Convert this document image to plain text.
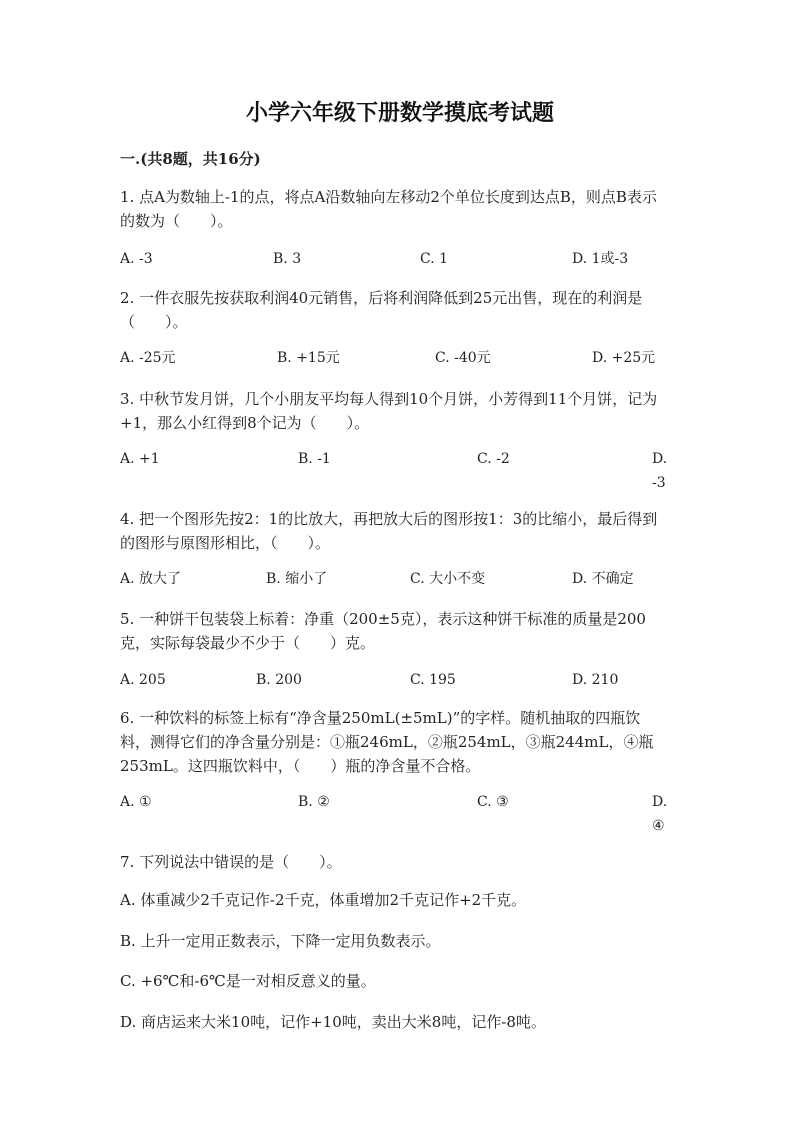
小学六年级下册数学摸底考试题
一.(共8题，共16分)
1. 点A为数轴上-1的点，将点A沿数轴向左移动2个单位长度到达点B，则点B表示的数为（　　）。
A. -3	B. 3	C. 1	D. 1或-3
2. 一件衣服先按获取利润40元销售，后将利润降低到25元出售，现在的利润是（　　）。
A. -25元	B. +15元	C. -40元	D. +25元
3. 中秋节发月饼，几个小朋友平均每人得到10个月饼，小芳得到11个月饼，记为+1，那么小红得到8个记为（　　）。
A. +1	B. -1	C. -2	D. -3
4. 把一个图形先按2：1的比放大，再把放大后的图形按1：3的比缩小，最后得到的图形与原图形相比，（　　）。
A. 放大了	B. 缩小了	C. 大小不变	D. 不确定
5. 一种饼干包装袋上标着：净重（200±5克），表示这种饼干标准的质量是200克，实际每袋最少不少于（　　）克。
A. 205	B. 200	C. 195	D. 210
6. 一种饮料的标签上标有“净含量250mL(±5mL)”的字样。随机抽取的四瓶饮料，测得它们的净含量分别是：①瓶246mL，②瓶254mL，③瓶244mL，④瓶253mL。这四瓶饮料中，（　　）瓶的净含量不合格。
A. ①	B. ②	C. ③	D. ④
7. 下列说法中错误的是（　　）。
A. 体重减少2千克记作-2千克，体重增加2千克记作+2千克。
B. 上升一定用正数表示，下降一定用负数表示。
C. +6℃和-6℃是一对相反意义的量。
D. 商店运来大米10吨，记作+10吨，卖出大米8吨，记作-8吨。
